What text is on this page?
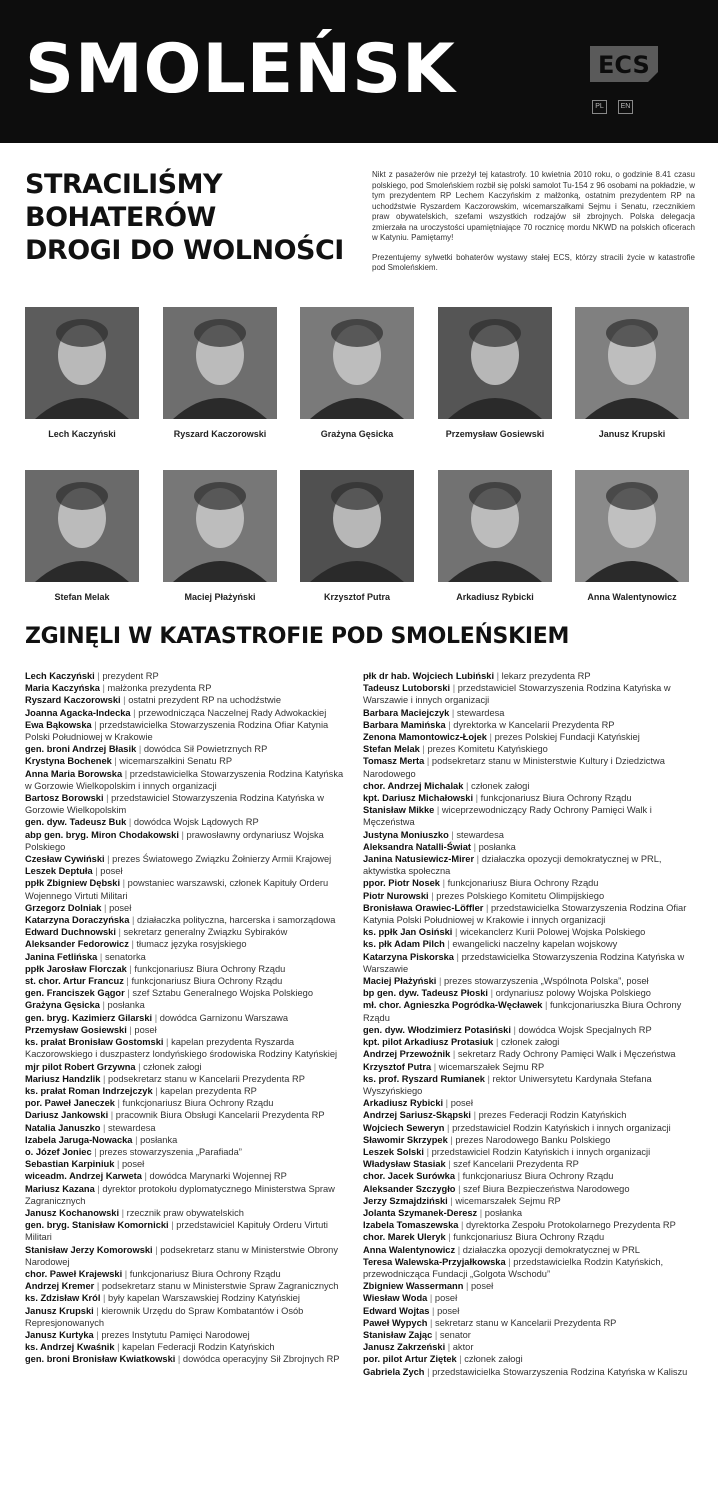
SMOLEŃSK	ECS
PL	EN
STRACILIŚMY
BOHATERÓW
DROGI DO WOLNOŚCI

Nikt z pasażerów nie przeżył tej katastrofy. 10 kwietnia 2010 roku, o godzinie 8.41 czasu polskiego, pod Smoleńskiem rozbił się polski samolot Tu-154 z 96 osobami na pokładzie, w tym prezydentem RP Lechem Kaczyńskim z małżonką, ostatnim prezydentem RP na uchodźstwie Ryszardem Kaczorowskim, wicemarszałkami Sejmu i Senatu, rzecznikiem praw obywatelskich, szefami wszystkich rodzajów sił zbrojnych. Polska delegacja zmierzała na uroczystości upamiętniające 70 rocznicę mordu NKWD na polskich oficerach w Katyniu. Pamiętamy!

Prezentujemy sylwetki bohaterów wystawy stałej ECS, którzy stracili życie w katastrofie pod Smoleńskiem.

Lech Kaczyński	Ryszard Kaczorowski	Grażyna Gęsicka	Przemysław Gosiewski	Janusz Krupski
Stefan Melak	Maciej Płażyński	Krzysztof Putra	Arkadiusz Rybicki	Anna Walentynowicz
ZGINĘLI W KATASTROFIE POD SMOLEŃSKIEM
Lech Kaczyński | prezydent RP
Maria Kaczyńska | małżonka prezydenta RP
Ryszard Kaczorowski | ostatni prezydent RP na uchodźstwie
Joanna Agacka-Indecka | przewodnicząca Naczelnej Rady Adwokackiej
Ewa Bąkowska | przedstawicielka Stowarzyszenia Rodzina Ofiar Katynia Polski Południowej w Krakowie
gen. broni Andrzej Błasik | dowódca Sił Powietrznych RP
Krystyna Bochenek | wicemarszałkini Senatu RP
Anna Maria Borowska | przedstawicielka Stowarzyszenia Rodzina Katyńska w Gorzowie Wielkopolskim i innych organizacji
Bartosz Borowski | przedstawiciel Stowarzyszenia Rodzina Katyńska w Gorzowie Wielkopolskim
gen. dyw. Tadeusz Buk | dowódca Wojsk Lądowych RP
abp gen. bryg. Miron Chodakowski | prawosławny ordynariusz Wojska Polskiego
Czesław Cywiński | prezes Światowego Związku Żołnierzy Armii Krajowej
Leszek Deptuła | poseł
ppłk Zbigniew Dębski | powstaniec warszawski, członek Kapituły Orderu Wojennego Virtuti Militari
Grzegorz Dolniak | poseł
Katarzyna Doraczyńska | działaczka polityczna, harcerska i samorządowa
Edward Duchnowski | sekretarz generalny Związku Sybiraków
Aleksander Fedorowicz | tłumacz języka rosyjskiego
Janina Fetlińska | senatorka
ppłk Jarosław Florczak | funkcjonariusz Biura Ochrony Rządu
st. chor. Artur Francuz | funkcjonariusz Biura Ochrony Rządu
gen. Franciszek Gągor | szef Sztabu Generalnego Wojska Polskiego
Grażyna Gęsicka | posłanka
gen. bryg. Kazimierz Gilarski | dowódca Garnizonu Warszawa
Przemysław Gosiewski | poseł
ks. prałat Bronisław Gostomski | kapelan prezydenta Ryszarda Kaczorowskiego i duszpasterz londyńskiego środowiska Rodziny Katyńskiej
mjr pilot Robert Grzywna | członek załogi
Mariusz Handzlik | podsekretarz stanu w Kancelarii Prezydenta RP
ks. prałat Roman Indrzejczyk | kapelan prezydenta RP
por. Paweł Janeczek | funkcjonariusz Biura Ochrony Rządu
Dariusz Jankowski | pracownik Biura Obsługi Kancelarii Prezydenta RP
Natalia Januszko | stewardesa
Izabela Jaruga-Nowacka | posłanka
o. Józef Joniec | prezes stowarzyszenia „Parafiada”
Sebastian Karpiniuk | poseł
wiceadm. Andrzej Karweta | dowódca Marynarki Wojennej RP
Mariusz Kazana | dyrektor protokołu dyplomatycznego Ministerstwa Spraw Zagranicznych
Janusz Kochanowski | rzecznik praw obywatelskich
gen. bryg. Stanisław Komornicki | przedstawiciel Kapituły Orderu Virtuti Militari
Stanisław Jerzy Komorowski | podsekretarz stanu w Ministerstwie Obrony Narodowej
chor. Paweł Krajewski | funkcjonariusz Biura Ochrony Rządu
Andrzej Kremer | podsekretarz stanu w Ministerstwie Spraw Zagranicznych
ks. Zdzisław Król | były kapelan Warszawskiej Rodziny Katyńskiej
Janusz Krupski | kierownik Urzędu do Spraw Kombatantów i Osób Represjonowanych
Janusz Kurtyka | prezes Instytutu Pamięci Narodowej
ks. Andrzej Kwaśnik | kapelan Federacji Rodzin Katyńskich
gen. broni Bronisław Kwiatkowski | dowódca operacyjny Sił Zbrojnych RP
płk dr hab. Wojciech Lubiński | lekarz prezydenta RP
Tadeusz Lutoborski | przedstawiciel Stowarzyszenia Rodzina Katyńska w Warszawie i innych organizacji
Barbara Maciejczyk | stewardesa
Barbara Mamińska | dyrektorka w Kancelarii Prezydenta RP
Zenona Mamontowicz-Łojek | prezes Polskiej Fundacji Katyńskiej
Stefan Melak | prezes Komitetu Katyńskiego
Tomasz Merta | podsekretarz stanu w Ministerstwie Kultury i Dziedzictwa Narodowego
chor. Andrzej Michalak | członek załogi
kpt. Dariusz Michałowski | funkcjonariusz Biura Ochrony Rządu
Stanisław Mikke | wiceprzewodniczący Rady Ochrony Pamięci Walk i Męczeństwa
Justyna Moniuszko | stewardesa
Aleksandra Natalli-Świat | posłanka
Janina Natusiewicz-Mirer | działaczka opozycji demokratycznej w PRL, aktywistka społeczna
ppor. Piotr Nosek | funkcjonariusz Biura Ochrony Rządu
Piotr Nurowski | prezes Polskiego Komitetu Olimpijskiego
Bronisława Orawiec-Löffler | przedstawicielka Stowarzyszenia Rodzina Ofiar Katynia Polski Południowej w Krakowie i innych organizacji
ks. ppłk Jan Osiński | wicekanclerz Kurii Polowej Wojska Polskiego
ks. płk Adam Pilch | ewangelicki naczelny kapelan wojskowy
Katarzyna Piskorska | przedstawicielka Stowarzyszenia Rodzina Katyńska w Warszawie
Maciej Płażyński | prezes stowarzyszenia „Wspólnota Polska”, poseł
bp gen. dyw. Tadeusz Płoski | ordynariusz polowy Wojska Polskiego
mł. chor. Agnieszka Pogródka-Węcławek | funkcjonariuszka Biura Ochrony Rządu
gen. dyw. Włodzimierz Potasiński | dowódca Wojsk Specjalnych RP
kpt. pilot Arkadiusz Protasiuk | członek załogi
Andrzej Przewoźnik | sekretarz Rady Ochrony Pamięci Walk i Męczeństwa
Krzysztof Putra | wicemarszałek Sejmu RP
ks. prof. Ryszard Rumianek | rektor Uniwersytetu Kardynała Stefana Wyszyńskiego
Arkadiusz Rybicki | poseł
Andrzej Sariusz-Skąpski | prezes Federacji Rodzin Katyńskich
Wojciech Seweryn | przedstawiciel Rodzin Katyńskich i innych organizacji
Sławomir Skrzypek | prezes Narodowego Banku Polskiego
Leszek Solski | przedstawiciel Rodzin Katyńskich i innych organizacji
Władysław Stasiak | szef Kancelarii Prezydenta RP
chor. Jacek Surówka | funkcjonariusz Biura Ochrony Rządu
Aleksander Szczygło | szef Biura Bezpieczeństwa Narodowego
Jerzy Szmajdziński | wicemarszałek Sejmu RP
Jolanta Szymanek-Deresz | posłanka
Izabela Tomaszewska | dyrektorka Zespołu Protokolarnego Prezydenta RP
chor. Marek Uleryk | funkcjonariusz Biura Ochrony Rządu
Anna Walentynowicz | działaczka opozycji demokratycznej w PRL
Teresa Walewska-Przyjałkowska | przedstawicielka Rodzin Katyńskich, przewodnicząca Fundacji „Golgota Wschodu”
Zbigniew Wassermann | poseł
Wiesław Woda | poseł
Edward Wojtas | poseł
Paweł Wypych | sekretarz stanu w Kancelarii Prezydenta RP
Stanisław Zając | senator
Janusz Zakrzeński | aktor
por. pilot Artur Ziętek | członek załogi
Gabriela Zych | przedstawicielka Stowarzyszenia Rodzina Katyńska w Kaliszu
